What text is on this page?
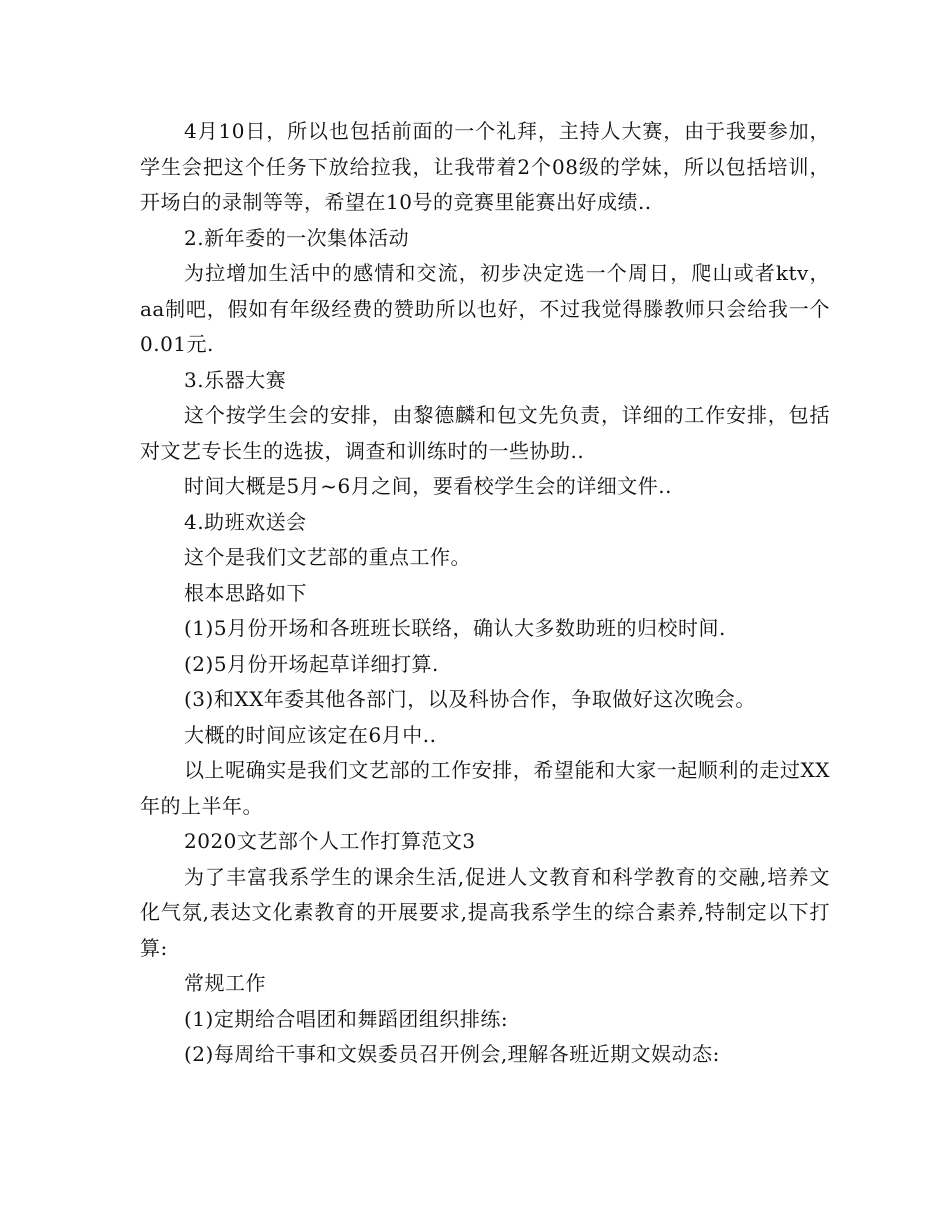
4月10日，所以也包括前面的一个礼拜，主持人大赛，由于我要参加，学生会把这个任务下放给拉我，让我带着2个08级的学妹，所以包括培训，开场白的录制等等，希望在10号的竞赛里能赛出好成绩..

2.新年委的一次集体活动

为拉增加生活中的感情和交流，初步决定选一个周日，爬山或者ktv，aa制吧，假如有年级经费的赞助所以也好，不过我觉得滕教师只会给我一个0.01元.

3.乐器大赛

这个按学生会的安排，由黎德麟和包文先负责，详细的工作安排，包括对文艺专长生的选拔，调查和训练时的一些协助..

时间大概是5月~6月之间，要看校学生会的详细文件..

4.助班欢送会

这个是我们文艺部的重点工作。

根本思路如下

(1)5月份开场和各班班长联络，确认大多数助班的归校时间.

(2)5月份开场起草详细打算.

(3)和XX年委其他各部门，以及科协合作，争取做好这次晚会。

大概的时间应该定在6月中..

以上呢确实是我们文艺部的工作安排，希望能和大家一起顺利的走过XX年的上半年。

2020文艺部个人工作打算范文3

为了丰富我系学生的课余生活,促进人文教育和科学教育的交融,培养文化气氛,表达文化素教育的开展要求,提高我系学生的综合素养,特制定以下打算:

常规工作

(1)定期给合唱团和舞蹈团组织排练:

(2)每周给干事和文娱委员召开例会,理解各班近期文娱动态:
